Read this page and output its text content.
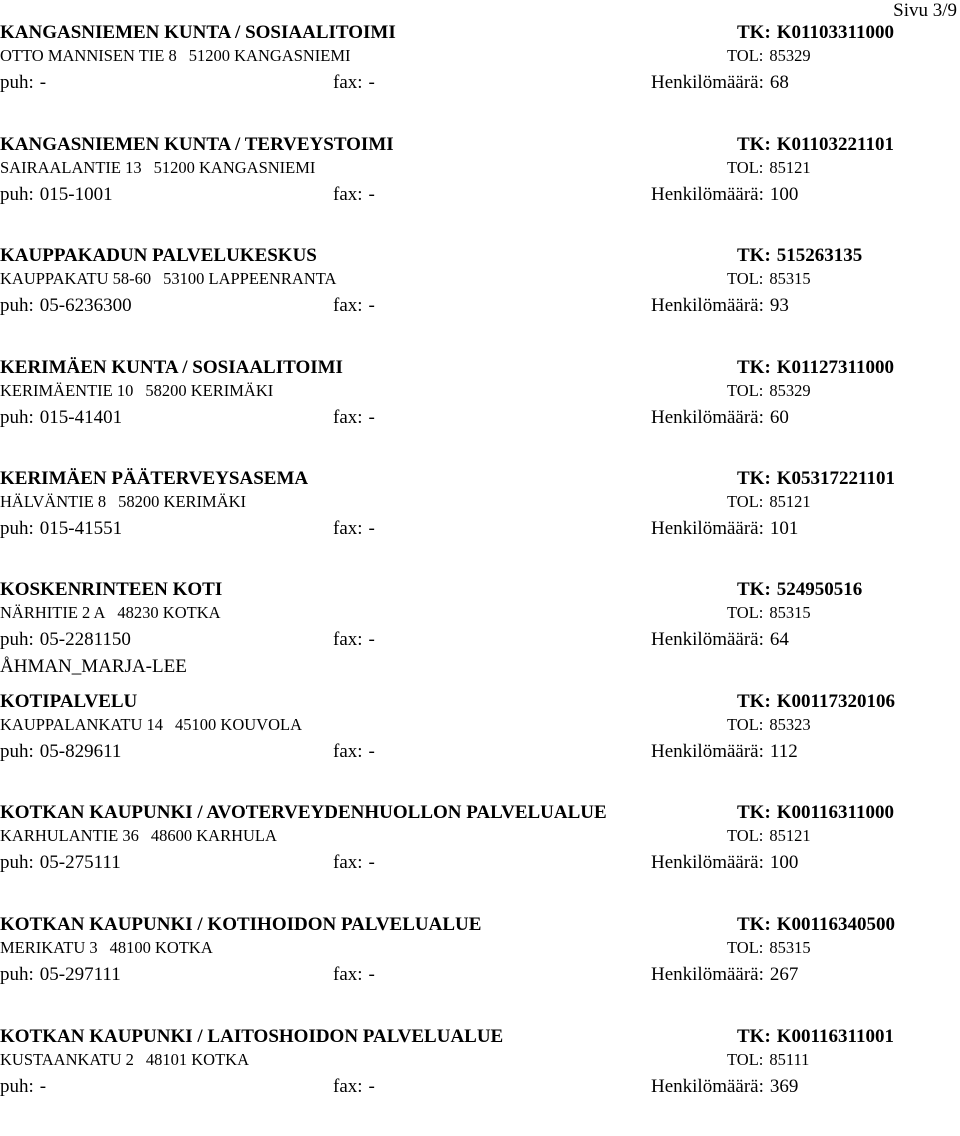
Sivu 3/9
KANGASNIEMEN KUNTA / SOSIAALITOIMI	TK: K01103311000
OTTO MANNISEN TIE 8 51200 KANGASNIEMI	TOL: 85329
puh: -	fax: -	Henkilömäärä: 68
KANGASNIEMEN KUNTA / TERVEYSTOIMI	TK: K01103221101
SAIRAALANTIE 13 51200 KANGASNIEMI	TOL: 85121
puh: 015-1001	fax: -	Henkilömäärä: 100
KAUPPAKADUN PALVELUKESKUS	TK: 515263135
KAUPPAKATU 58-60 53100 LAPPEENRANTA	TOL: 85315
puh: 05-6236300	fax: -	Henkilömäärä: 93
KERIMÄEN KUNTA / SOSIAALITOIMI	TK: K01127311000
KERIMÄENTIE 10 58200 KERIMÄKI	TOL: 85329
puh: 015-41401	fax: -	Henkilömäärä: 60
KERIMÄEN PÄÄTERVEYSASEMA	TK: K05317221101
HÄLVÄNTIE 8 58200 KERIMÄKI	TOL: 85121
puh: 015-41551	fax: -	Henkilömäärä: 101
KOSKENRINTEEN KOTI	TK: 524950516
NÄRHITIE 2 A 48230 KOTKA	TOL: 85315
puh: 05-2281150	fax: -	Henkilömäärä: 64
ÅHMAN_MARJA-LEE
KOTIPALVELU	TK: K00117320106
KAUPPALANKATU 14 45100 KOUVOLA	TOL: 85323
puh: 05-829611	fax: -	Henkilömäärä: 112
KOTKAN KAUPUNKI / AVOTERVEYDENHUOLLON PALVELUALUE	TK: K00116311000
KARHULANTIE 36 48600 KARHULA	TOL: 85121
puh: 05-275111	fax: -	Henkilömäärä: 100
KOTKAN KAUPUNKI / KOTIHOIDON PALVELUALUE	TK: K00116340500
MERIKATU 3 48100 KOTKA	TOL: 85315
puh: 05-297111	fax: -	Henkilömäärä: 267
KOTKAN KAUPUNKI / LAITOSHOIDON PALVELUALUE	TK: K00116311001
KUSTAANKATU 2 48101 KOTKA	TOL: 85111
puh: -	fax: -	Henkilömäärä: 369
